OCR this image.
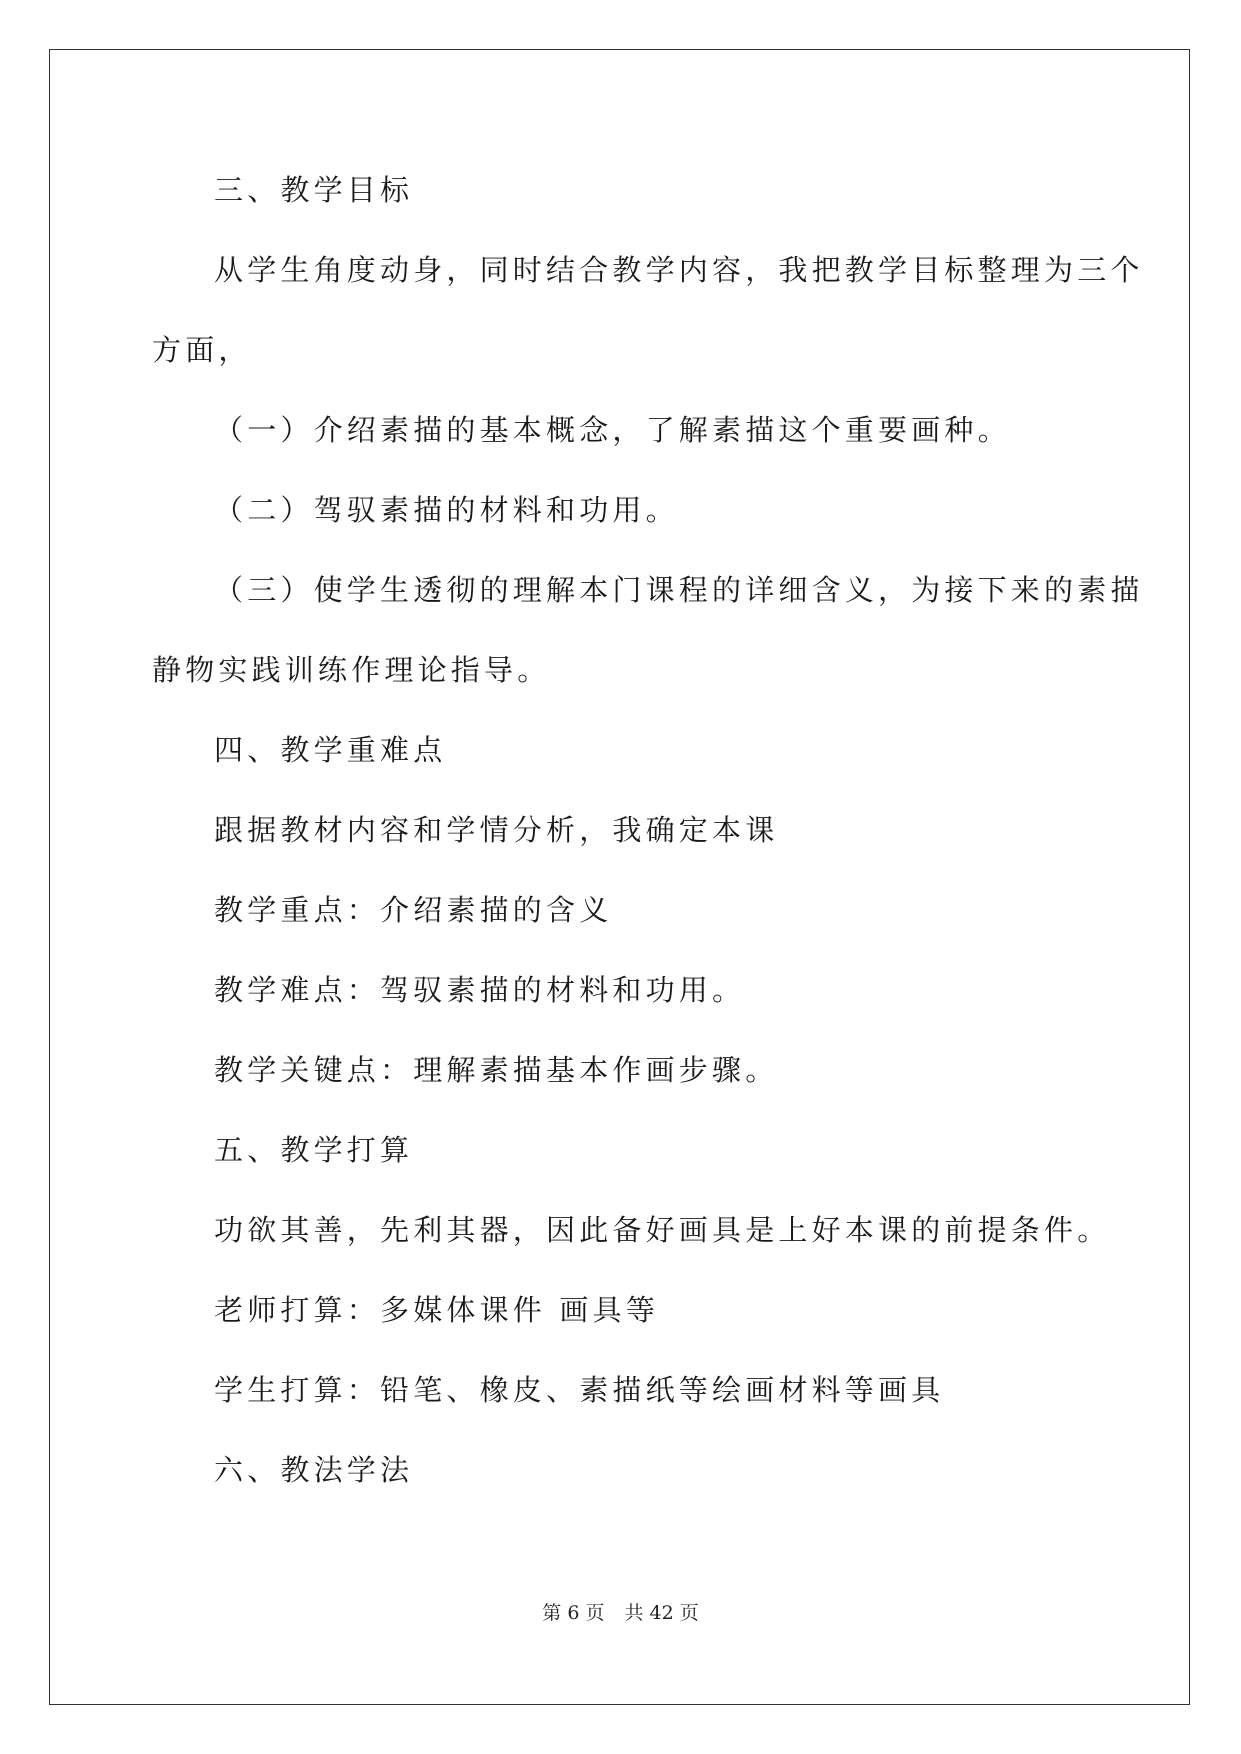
三、教学目标

从学生角度动身，同时结合教学内容，我把教学目标整理为三个

方面，

（一）介绍素描的基本概念，了解素描这个重要画种。

（二）驾驭素描的材料和功用。

（三）使学生透彻的理解本门课程的详细含义，为接下来的素描

静物实践训练作理论指导。

四、教学重难点

跟据教材内容和学情分析，我确定本课

教学重点：介绍素描的含义

教学难点：驾驭素描的材料和功用。

教学关键点：理解素描基本作画步骤。

五、教学打算

功欲其善，先利其器，因此备好画具是上好本课的前提条件。

老师打算：多媒体课件 画具等

学生打算：铅笔、橡皮、素描纸等绘画材料等画具

六、教法学法

第 6 页 共 42 页
